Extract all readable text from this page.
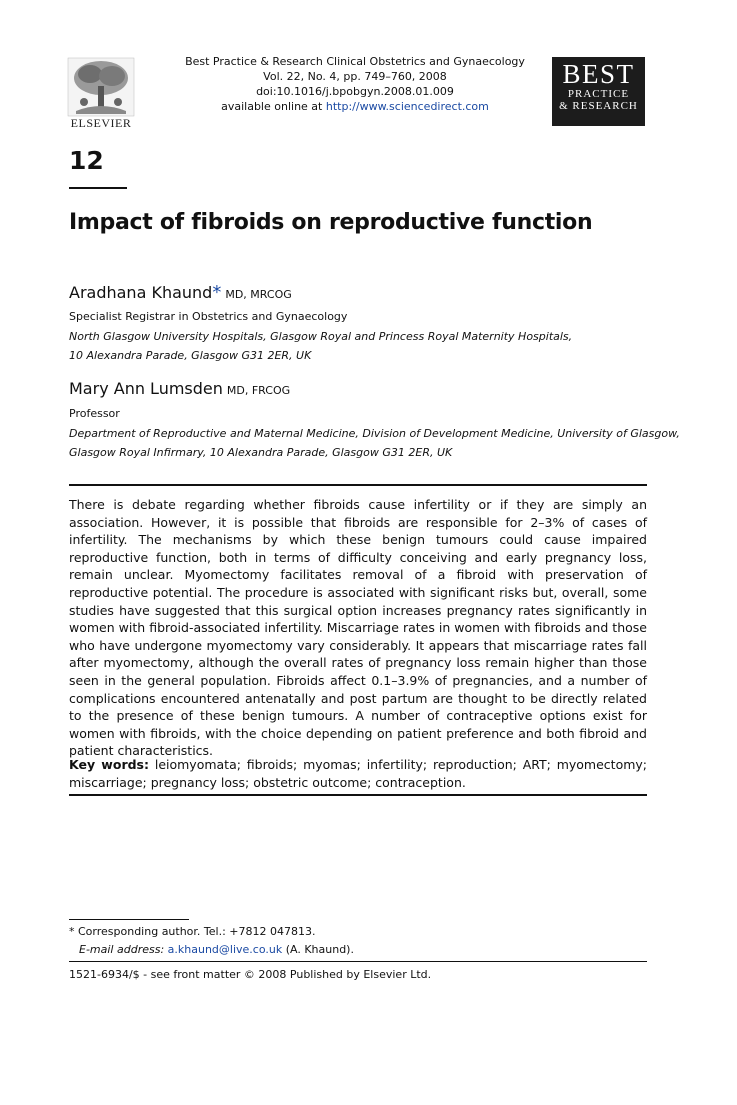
ELSEVIER
Best Practice & Research Clinical Obstetrics and Gynaecology
Vol. 22, No. 4, pp. 749–760, 2008
doi:10.1016/j.bpobgyn.2008.01.009
available online at http://www.sciencedirect.com
BEST
PRACTICE
& RESEARCH
12
Impact of fibroids on reproductive function
Aradhana Khaund* MD, MRCOG
Specialist Registrar in Obstetrics and Gynaecology
North Glasgow University Hospitals, Glasgow Royal and Princess Royal Maternity Hospitals,
10 Alexandra Parade, Glasgow G31 2ER, UK
Mary Ann Lumsden MD, FRCOG
Professor
Department of Reproductive and Maternal Medicine, Division of Development Medicine, University of Glasgow,
Glasgow Royal Infirmary, 10 Alexandra Parade, Glasgow G31 2ER, UK

There is debate regarding whether fibroids cause infertility or if they are simply an association. However, it is possible that fibroids are responsible for 2–3% of cases of infertility. The mechanisms by which these benign tumours could cause impaired reproductive function, both in terms of difficulty conceiving and early pregnancy loss, remain unclear. Myomectomy facilitates removal of a fibroid with preservation of reproductive potential. The procedure is associated with significant risks but, overall, some studies have suggested that this surgical option increases pregnancy rates significantly in women with fibroid-associated infertility. Miscarriage rates in women with fibroids and those who have undergone myomectomy vary considerably. It appears that miscarriage rates fall after myomectomy, although the overall rates of pregnancy loss remain higher than those seen in the general population. Fibroids affect 0.1–3.9% of pregnancies, and a number of complications encountered antenatally and post partum are thought to be directly related to the presence of these benign tumours. A number of contraceptive options exist for women with fibroids, with the choice depending on patient preference and both fibroid and patient characteristics.

Key words: leiomyomata; fibroids; myomas; infertility; reproduction; ART; myomectomy; miscarriage; pregnancy loss; obstetric outcome; contraception.

* Corresponding author. Tel.: +7812 047813.
E-mail address: a.khaund@live.co.uk (A. Khaund).
1521-6934/$ - see front matter © 2008 Published by Elsevier Ltd.
